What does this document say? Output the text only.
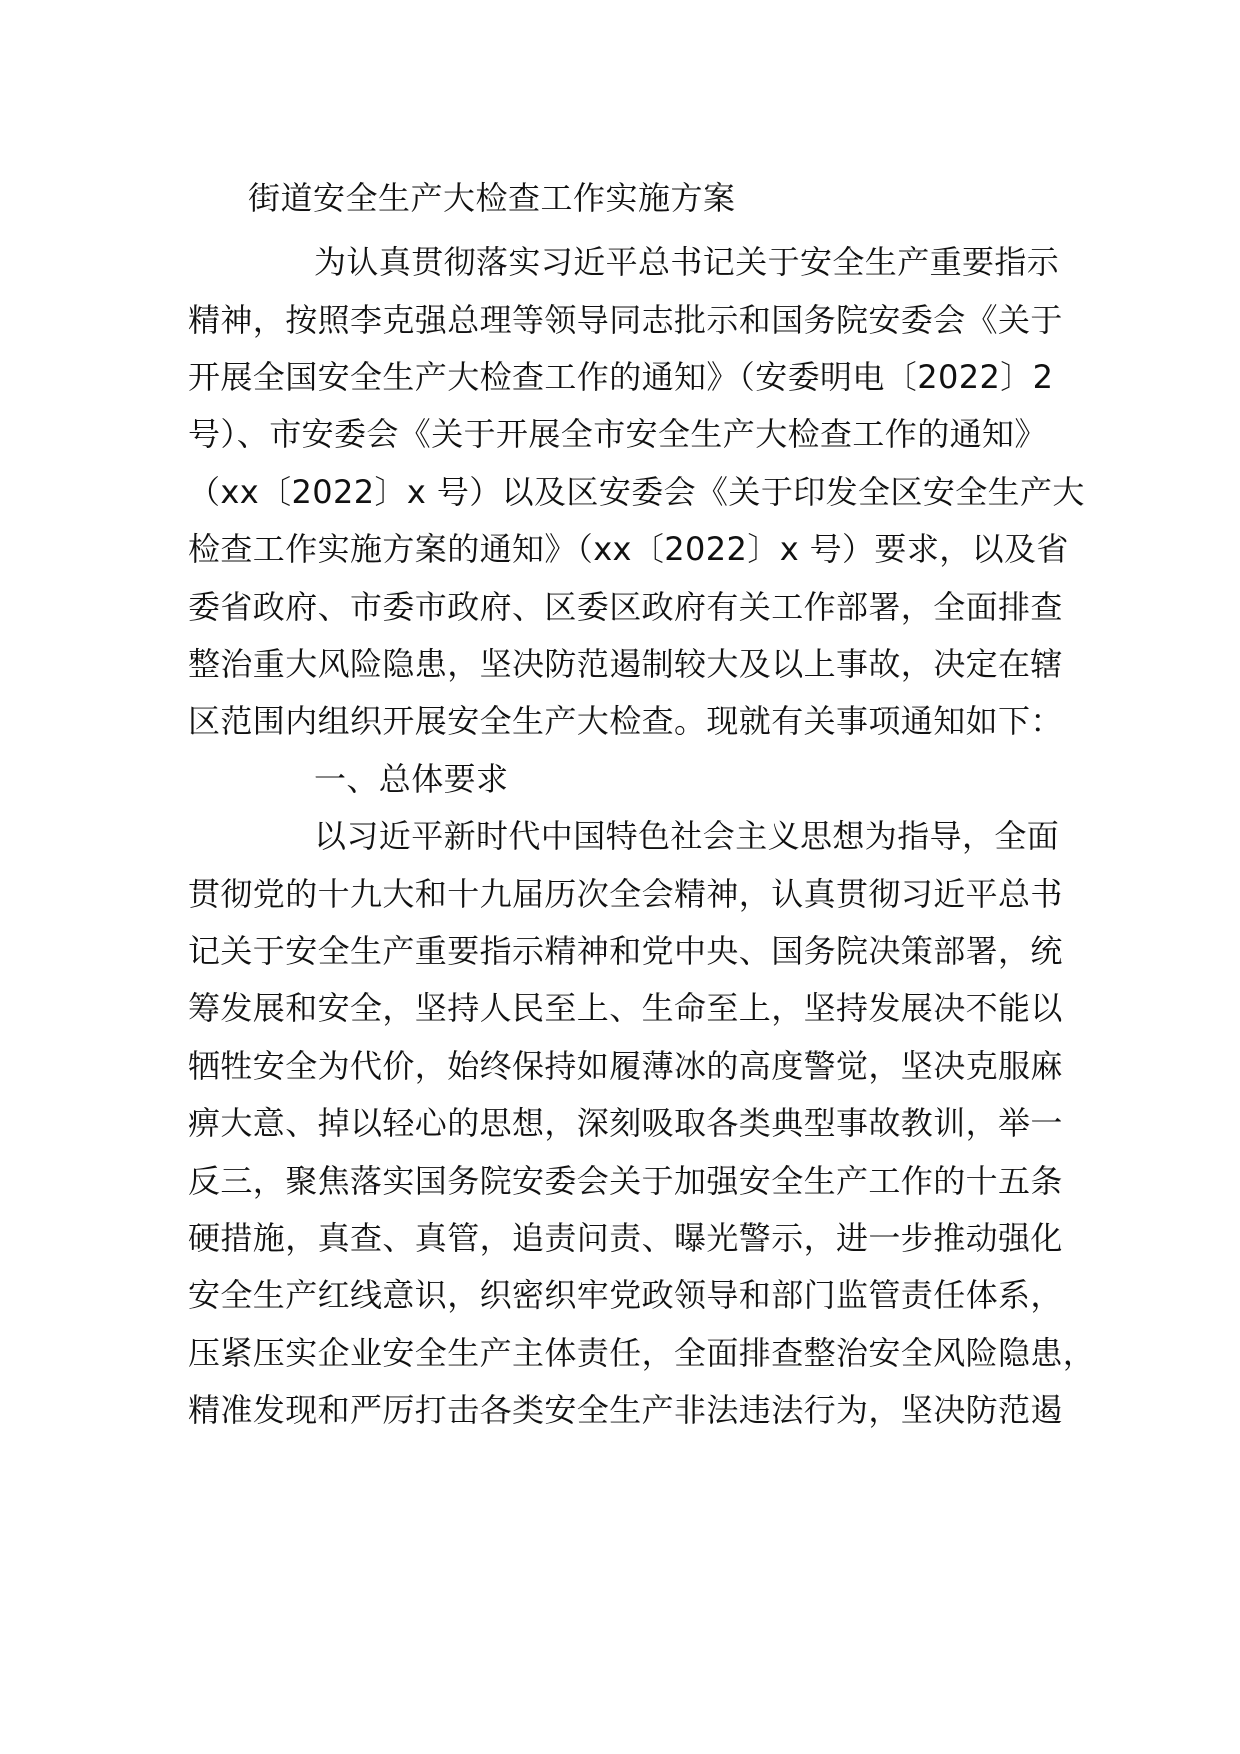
街道安全生产大检查工作实施方案
为认真贯彻落实习近平总书记关于安全生产重要指示
精神，按照李克强总理等领导同志批示和国务院安委会《关于
开展全国安全生产大检查工作的通知》（安委明电〔2022〕2
号）、市安委会《关于开展全市安全生产大检查工作的通知》
（xx〔2022〕x 号）以及区安委会《关于印发全区安全生产大
检查工作实施方案的通知》（xx〔2022〕x 号）要求，以及省
委省政府、市委市政府、区委区政府有关工作部署，全面排查
整治重大风险隐患，坚决防范遏制较大及以上事故，决定在辖
区范围内组织开展安全生产大检查。现就有关事项通知如下：
一、总体要求
以习近平新时代中国特色社会主义思想为指导，全面
贯彻党的十九大和十九届历次全会精神，认真贯彻习近平总书
记关于安全生产重要指示精神和党中央、国务院决策部署，统
筹发展和安全，坚持人民至上、生命至上，坚持发展决不能以
牺牲安全为代价，始终保持如履薄冰的高度警觉，坚决克服麻
痹大意、掉以轻心的思想，深刻吸取各类典型事故教训，举一
反三，聚焦落实国务院安委会关于加强安全生产工作的十五条
硬措施，真查、真管，追责问责、曝光警示，进一步推动强化
安全生产红线意识，织密织牢党政领导和部门监管责任体系，
压紧压实企业安全生产主体责任，全面排查整治安全风险隐患，
精准发现和严厉打击各类安全生产非法违法行为，坚决防范遏
